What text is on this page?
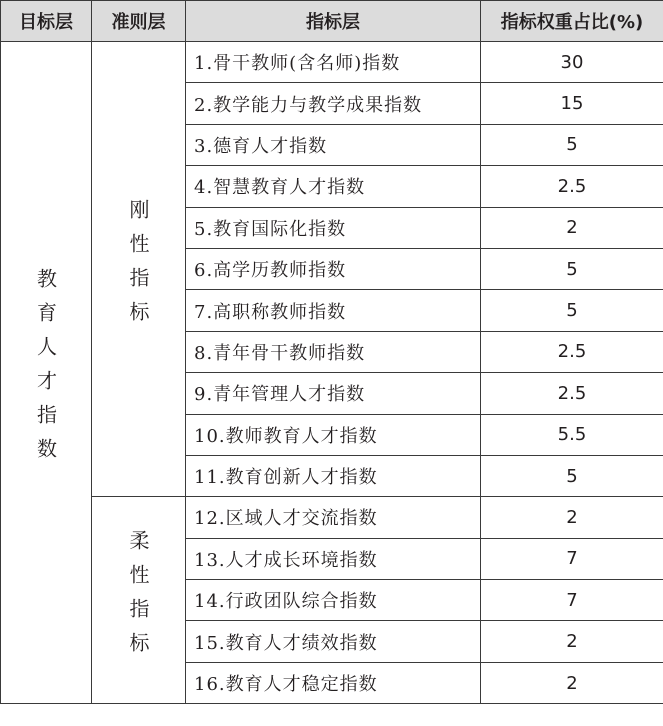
目标层	准则层	指标层	指标权重占比(%)
教育人才指数	刚性指标	1.骨干教师(含名师)指数	30
		2.教学能力与教学成果指数	15
		3.德育人才指数	5
		4.智慧教育人才指数	2.5
		5.教育国际化指数	2
		6.高学历教师指数	5
		7.高职称教师指数	5
		8.青年骨干教师指数	2.5
		9.青年管理人才指数	2.5
		10.教师教育人才指数	5.5
		11.教育创新人才指数	5
	柔性指标	12.区域人才交流指数	2
		13.人才成长环境指数	7
		14.行政团队综合指数	7
		15.教育人才绩效指数	2
		16.教育人才稳定指数	2
